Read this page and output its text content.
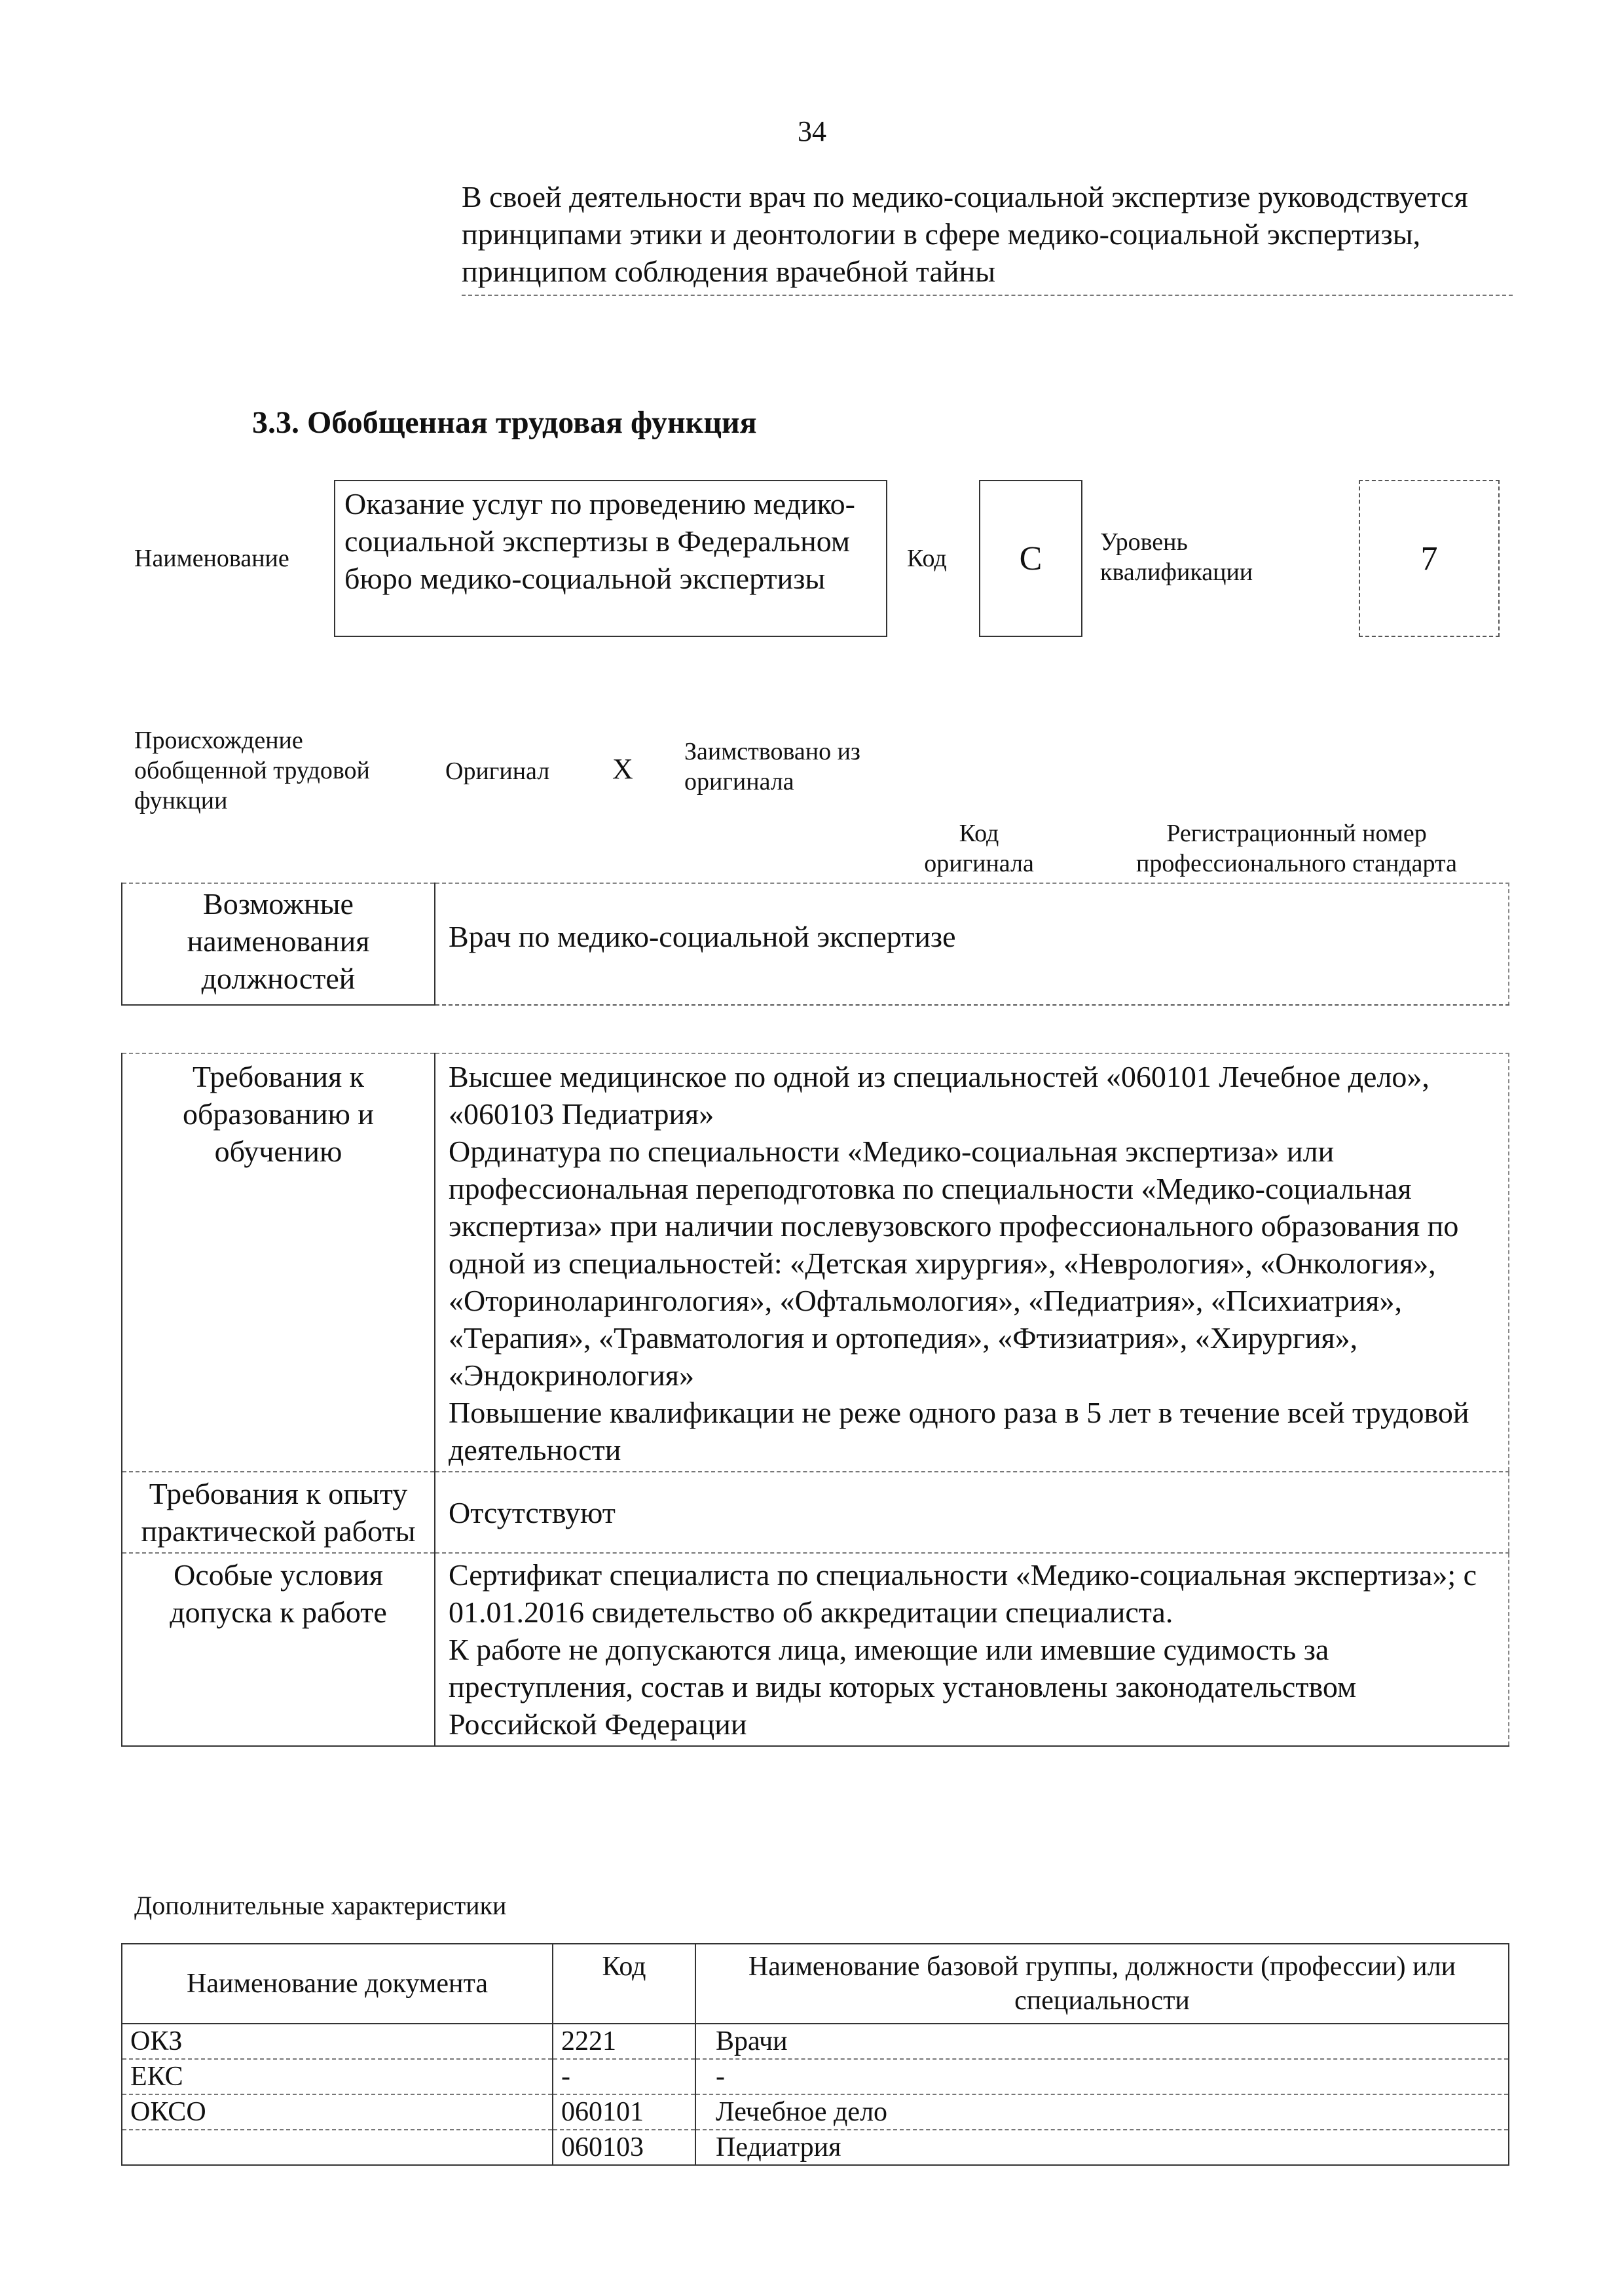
34
В своей деятельности врач по медико-социальной экспертизе руководствуется принципами этики и деонтологии в сфере медико-социальной экспертизы, принципом соблюдения врачебной тайны
3.3. Обобщенная трудовая функция
Наименование
Оказание услуг по проведению медико-социальной экспертизы в Федеральном бюро медико-социальной экспертизы
Код	C	Уровень квалификации	7
Происхождение обобщенной трудовой функции
Оригинал X
Заимствовано из оригинала
Код оригинала
Регистрационный номер профессионального стандарта
Возможные наименования должностей	Врач по медико-социальной экспертизе
Требования к образованию и обучению	Высшее медицинское по одной из специальностей «060101 Лечебное дело», «060103 Педиатрия»
Ординатура по специальности «Медико-социальная экспертиза» или профессиональная переподготовка по специальности «Медико-социальная экспертиза» при наличии послевузовского профессионального образования по одной из специальностей: «Детская хирургия», «Неврология», «Онкология», «Оториноларингология», «Офтальмология», «Педиатрия», «Психиатрия», «Терапия», «Травматология и ортопедия», «Фтизиатрия», «Хирургия», «Эндокринология»
Повышение квалификации не реже одного раза в 5 лет в течение всей трудовой деятельности

Требования к опыту практической работы	Отсутствуют

Особые условия допуска к работе	Сертификат специалиста по специальности «Медико-социальная экспертиза»; с 01.01.2016 свидетельство об аккредитации специалиста.
К работе не допускаются лица, имеющие или имевшие судимость за преступления, состав и виды которых установлены законодательством Российской Федерации
Дополнительные характеристики
Наименование документа	Код	Наименование базовой группы, должности (профессии) или специальности
ОКЗ	2221	Врачи
ЕКС	-	-
ОКСО	060101	Лечебное дело
	060103	Педиатрия
